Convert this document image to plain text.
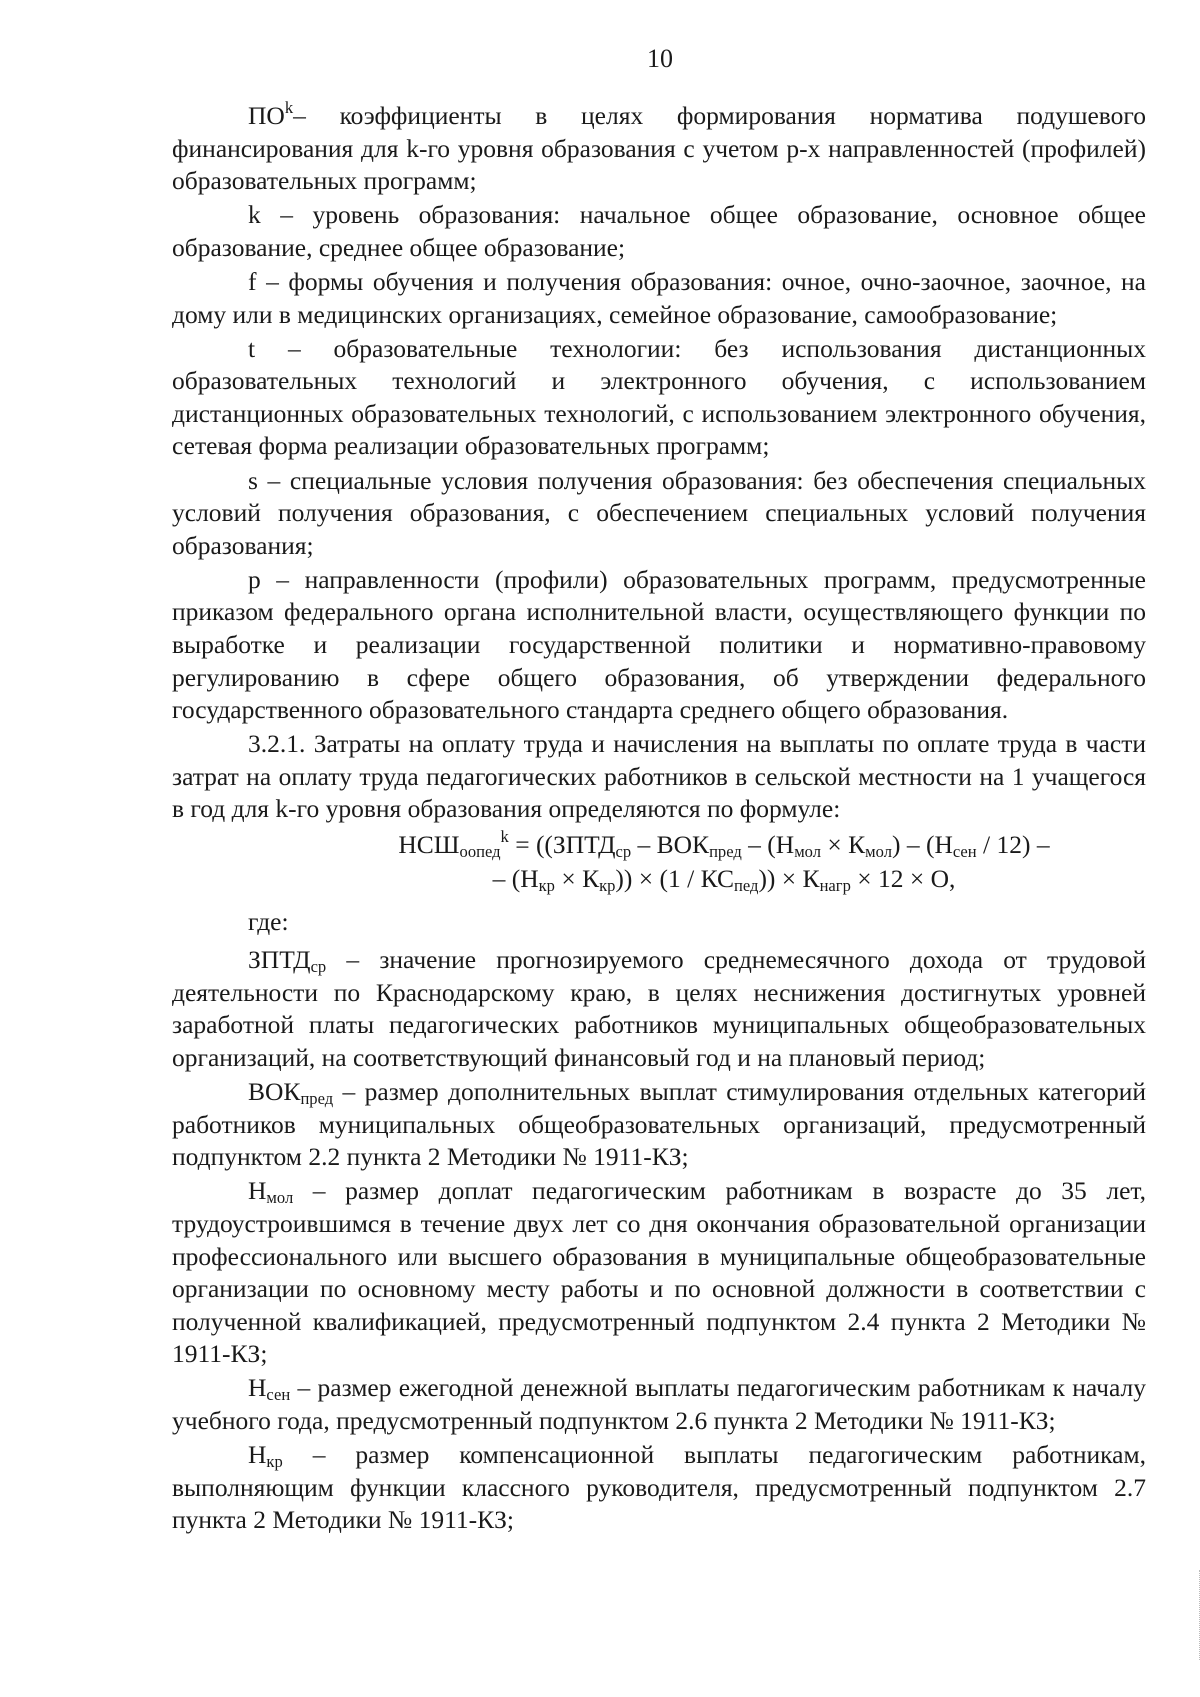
10

$ПО^k-$ коэффициенты в целях формирования норматива подушевого финансирования для k-го уровня образования с учетом p-х направленностей (профилей) образовательных программ;

k – уровень образования: начальное общее образование, основное общее образование, среднее общее образование;

f – формы обучения и получения образования: очное, очно-заочное, заочное, на дому или в медицинских организациях, семейное образование, самообразование;

t – образовательные технологии: без использования дистанционных образовательных технологий и электронного обучения, с использованием дистанционных образовательных технологий, с использованием электронного обучения, сетевая форма реализации образовательных программ;

s – специальные условия получения образования: без обеспечения специальных условий получения образования, с обеспечением специальных условий получения образования;

p – направленности (профили) образовательных программ, предусмотренные приказом федерального органа исполнительной власти, осуществляющего функции по выработке и реализации государственной политики и нормативно-правовому регулированию в сфере общего образования, об утверждении федерального государственного образовательного стандарта среднего общего образования.

3.2.1. Затраты на оплату труда и начисления на выплаты по оплате труда в части затрат на оплату труда педагогических работников в сельской местности на 1 учащегося в год для k-го уровня образования определяются по формуле:

$НСШ_{оопед}^k$ = (($ЗПТД_{ср} - ВОК_{пред} - (Н_{мол} \times К_{мол}) - (Н_{сен} / 12)$ –
– $(Н_{кр} \times К_{кр})) \times (1 / КС_{пед})) \times К_{нагр} \times 12 \times О$,

где:

$ЗПТД_{ср}$ – значение прогнозируемого среднемесячного дохода от трудовой деятельности по Краснодарскому краю, в целях неснижения достигнутых уровней заработной платы педагогических работников муниципальных общеобразовательных организаций, на соответствующий финансовый год и на плановый период;

$ВОК_{пред}$ – размер дополнительных выплат стимулирования отдельных категорий работников муниципальных общеобразовательных организаций, предусмотренный подпунктом 2.2 пункта 2 Методики № 1911-КЗ;

$Н_{мол}$ – размер доплат педагогическим работникам в возрасте до 35 лет, трудоустроившимся в течение двух лет со дня окончания образовательной организации профессионального или высшего образования в муниципальные общеобразовательные организации по основному месту работы и по основной должности в соответствии с полученной квалификацией, предусмотренный подпунктом 2.4 пункта 2 Методики № 1911-КЗ;

$Н_{сен}$ – размер ежегодной денежной выплаты педагогическим работникам к началу учебного года, предусмотренный подпунктом 2.6 пункта 2 Методики № 1911-КЗ;

$Н_{кр}$ – размер компенсационной выплаты педагогическим работникам, выполняющим функции классного руководителя, предусмотренный подпунктом 2.7 пункта 2 Методики № 1911-КЗ;
